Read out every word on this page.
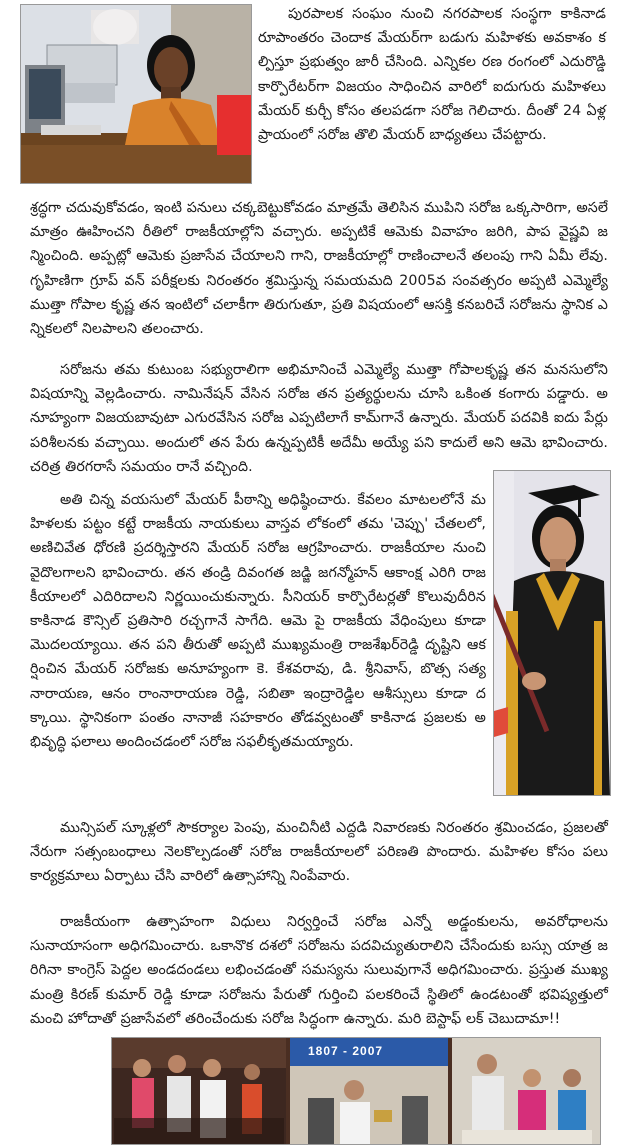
పురపాలక సంఘం నుంచి నగరపాలక సంస్థగా కాకినాడ రూపాంతరం చెందాక మేయర్‌గా బడుగు మహిళకు అవకాశం కల్పిస్తూ ప్రభుత్వం జారీ చేసింది. ఎన్నికల రణ రంగంలో ఎదురొడ్డి కార్పొరేటర్‌గా విజయం సాధించిన వారిలో ఐదుగురు మహిళలు మేయర్ కుర్చీ కోసం తలపడగా సరోజ గెలిచారు. దీంతో 24 ఏళ్ల ప్రాయంలో సరోజ తొలి మేయర్ బాధ్యతలు చేపట్టారు.

శ్రద్ధగా చదువుకోవడం, ఇంటి పనులు చక్కబెట్టుకోవడం మాత్రమే తెలిసిన ముపిని సరోజ ఒక్కసారిగా, అసలే మాత్రం ఊహించని రీతిలో రాజకీయాల్లోని వచ్చారు. అప్పటికే ఆమెకు వివాహం జరిగి, పాప వైష్ణవి జన్మించింది. అప్పట్లో ఆమెకు ప్రజాసేవ చేయాలని గాని, రాజకీయాల్లో రాణించాలనే తలంపు గాని ఏమీ లేవు. గృహిణిగా గ్రూప్ వన్ పరీక్షలకు నిరంతరం శ్రమిస్తున్న సమయమది 2005వ సంవత్సరం అప్పటి ఎమ్మెల్యే ముత్తా గోపాల కృష్ణ తన ఇంటిలో చలాకీగా తిరుగుతూ, ప్రతి విషయంలో ఆసక్తి కనబరిచే సరోజను స్థానిక ఎన్నికలలో నిలపాలని తలంచారు.

సరోజను తమ కుటుంబ సభ్యురాలిగా అభిమానించే ఎమ్మెల్యే ముత్తా గోపాలకృష్ణ తన మనసులోని విషయాన్ని వెల్లడించారు. నామినేషన్ వేసిన సరోజ తన ప్రత్యర్థులను చూసి ఒకింత కంగారు పడ్డారు. అనూహ్యంగా విజయబావుటా ఎగురవేసిన సరోజ ఎప్పటిలాగే కామ్‌గానే ఉన్నారు. మేయర్ పదవికి ఐదు పేర్లు పరిశీలనకు వచ్చాయి. అందులో తన పేరు ఉన్నప్పటికీ అదేమీ అయ్యే పని కాదులే అని ఆమె భావించారు. చరిత్ర తిరగరాసే సమయం రానే వచ్చింది.

అతి చిన్న వయసులో మేయర్ పీఠాన్ని అధిష్ఠించారు. కేవలం మాటలలోనే మహిళలకు పట్టం కట్టే రాజకీయ నాయకులు వాస్తవ లోకంలో తమ 'చెప్పు' చేతలలో, అణిచివేత ధోరణి ప్రదర్శిస్తారని మేయర్ సరోజ ఆగ్రహించారు. రాజకీయాల నుంచి వైదొలగాలని భావించారు. తన తండ్రి దివంగత జడ్జి జగన్మోహన్ ఆకాంక్ష ఎరిగి రాజకీయాలలో ఎదిరిదాలని నిర్ణయించుకున్నారు. సీనియర్ కార్పొరేటర్లతో కొలువుదీరిన కాకినాడ కౌన్సిల్ ప్రతిసారి రచ్చగానే సాగేది. ఆమె పై రాజకీయ వేధింపులు కూడా మొదలయ్యాయి. తన పని తీరుతో అప్పటి ముఖ్యమంత్రి రాజశేఖర్‌రెడ్డి దృష్టిని ఆకర్షించిన మేయర్ సరోజకు అనూహ్యంగా కె. కేశవరావు, డి. శ్రీనివాస్, బొత్స సత్యనారాయణ, ఆనం రాంనారాయణ రెడ్డి, సబితా ఇంద్రారెడ్డిల ఆశీస్సులు కూడా దక్కాయి. స్థానికంగా పంతం నానాజీ సహకారం తోడవ్వటంతో కాకినాడ ప్రజలకు అభివృద్ధి ఫలాలు అందించడంలో సరోజ సఫలీకృతమయ్యారు.

మున్సిపల్ స్కూళ్లలో సౌకర్యాల పెంపు, మంచినీటి ఎద్దడి నివారణకు నిరంతరం శ్రమించడం, ప్రజలతో నేరుగా సత్సంబంధాలు నెలకొల్పడంతో సరోజ రాజకీయాలలో పరిణతి పొందారు. మహిళల కోసం పలు కార్యక్రమాలు ఏర్పాటు చేసి వారిలో ఉత్సాహాన్ని నింపేవారు.

రాజకీయంగా ఉత్సాహంగా విధులు నిర్వర్తించే సరోజ ఎన్నో అడ్డంకులను, అవరోధాలను సునాయాసంగా అధిగమించారు. ఒకానొక దశలో సరోజను పదవిచ్యుతురాలిని చేసేందుకు బస్సు యాత్ర జరిగినా కాంగ్రెస్ పెద్దల అండదండలు లభించడంతో సమస్యను సులువుగానే అధిగమించారు. ప్రస్తుత ముఖ్యమంత్రి కిరణ్ కుమార్ రెడ్డి కూడా సరోజను పేరుతో గుర్తించి పలకరించే స్థితిలో ఉండటంతో భవిష్యత్తులో మంచి హోదాతో ప్రజాసేవలో తరించేందుకు సరోజ సిద్ధంగా ఉన్నారు. మరి బెస్టాఫ్ లక్ చెబుదామా!!

1807 - 2007
